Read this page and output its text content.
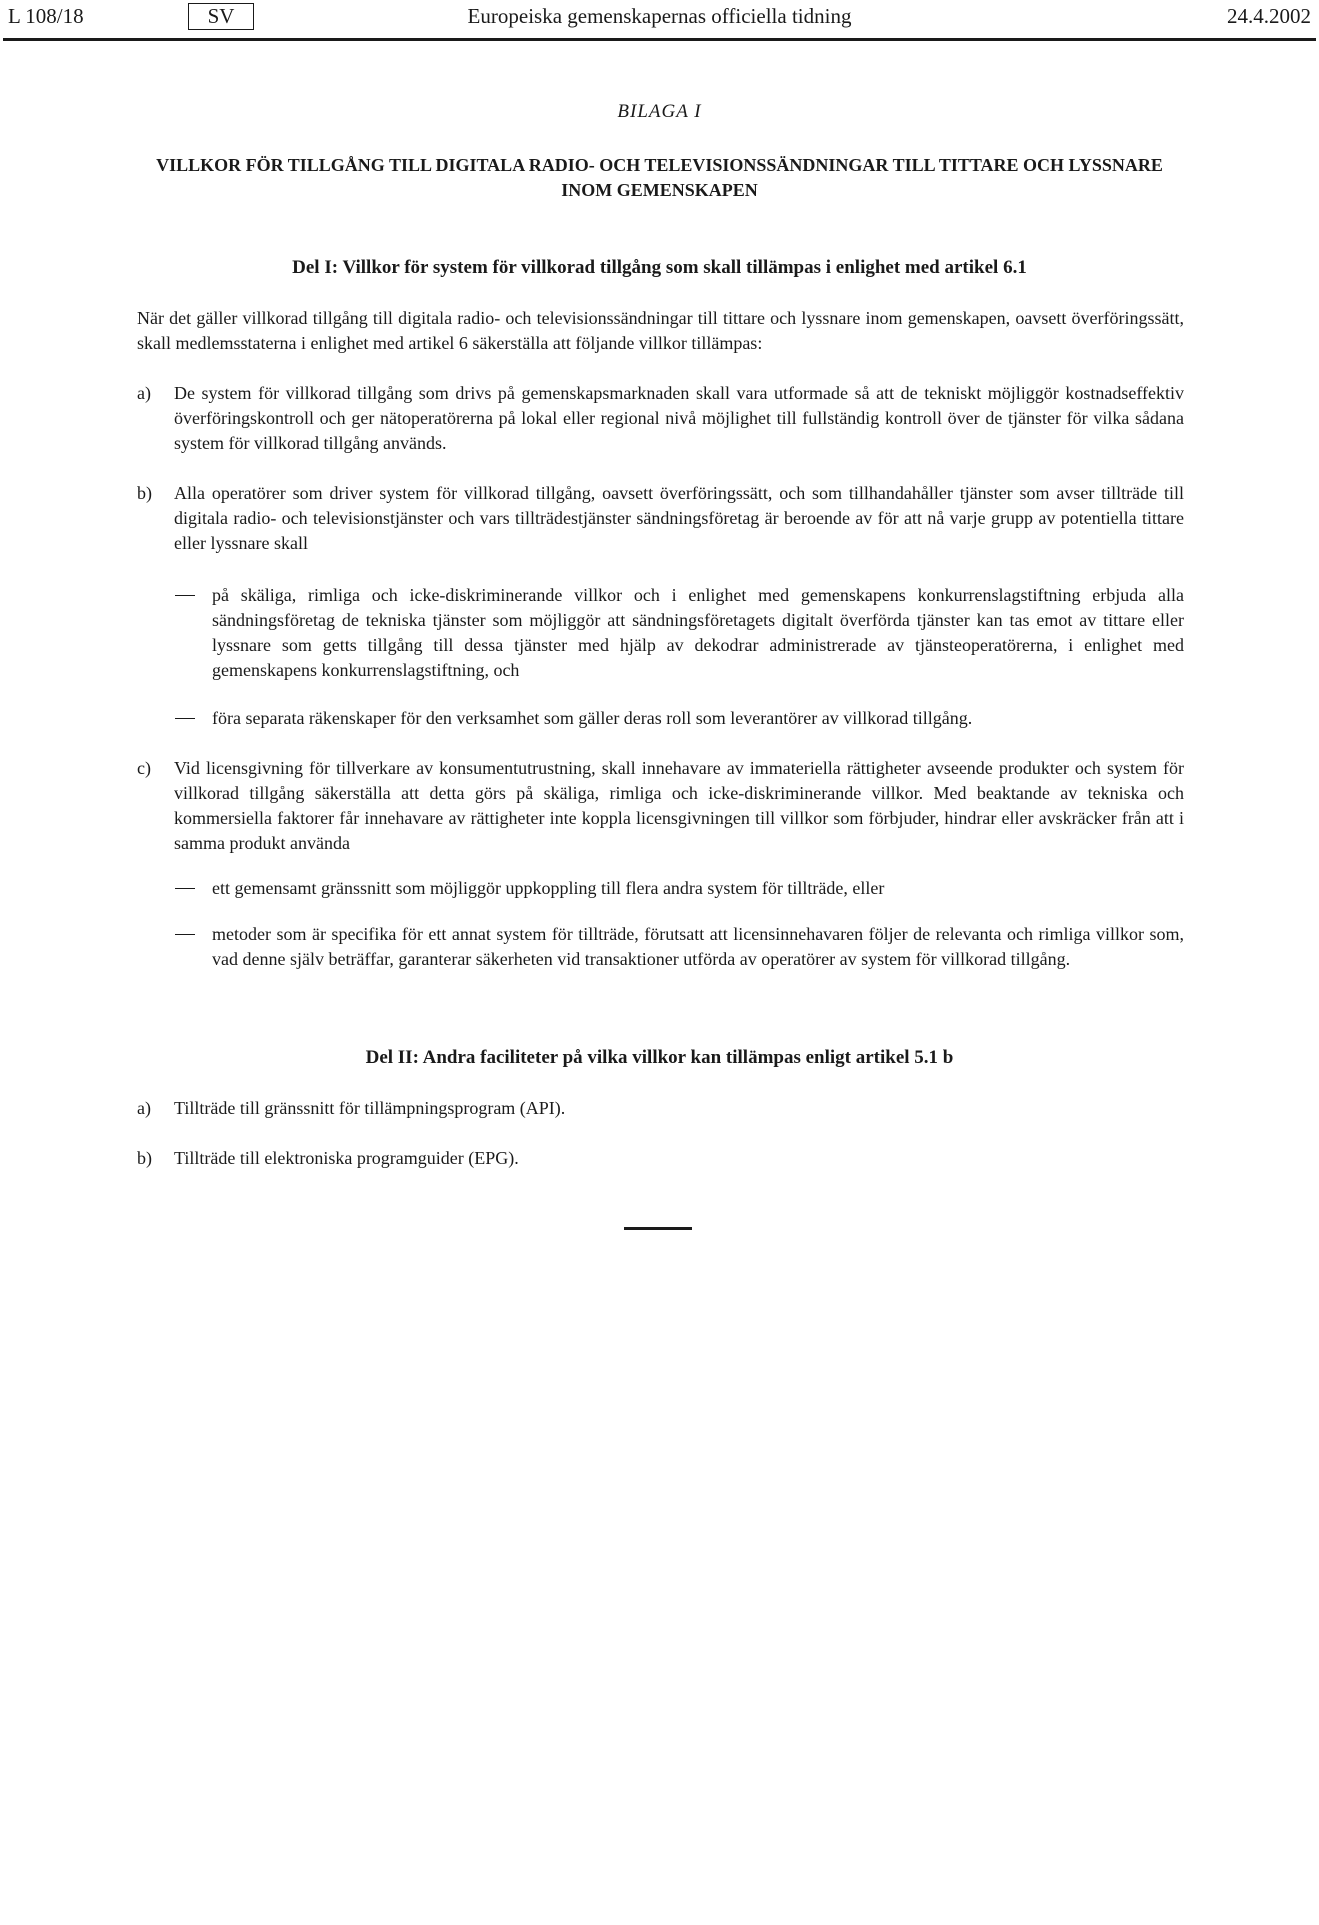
L 108/18	SV	Europeiska gemenskapernas officiella tidning	24.4.2002
BILAGA I
VILLKOR FÖR TILLGÅNG TILL DIGITALA RADIO- OCH TELEVISIONSSÄNDNINGAR TILL TITTARE OCH LYSSNARE INOM GEMENSKAPEN
Del I: Villkor för system för villkorad tillgång som skall tillämpas i enlighet med artikel 6.1
När det gäller villkorad tillgång till digitala radio- och televisionssändningar till tittare och lyssnare inom gemenskapen, oavsett överföringssätt, skall medlemsstaterna i enlighet med artikel 6 säkerställa att följande villkor tillämpas:
a) De system för villkorad tillgång som drivs på gemenskapsmarknaden skall vara utformade så att de tekniskt möjliggör kostnadseffektiv överföringskontroll och ger nätoperatörerna på lokal eller regional nivå möjlighet till fullständig kontroll över de tjänster för vilka sådana system för villkorad tillgång används.
b) Alla operatörer som driver system för villkorad tillgång, oavsett överföringssätt, och som tillhandahåller tjänster som avser tillträde till digitala radio- och televisionstjänster och vars tillträdestjänster sändningsföretag är beroende av för att nå varje grupp av potentiella tittare eller lyssnare skall
på skäliga, rimliga och icke-diskriminerande villkor och i enlighet med gemenskapens konkurrenslagstiftning erbjuda alla sändningsföretag de tekniska tjänster som möjliggör att sändningsföretagets digitalt överförda tjänster kan tas emot av tittare eller lyssnare som getts tillgång till dessa tjänster med hjälp av dekodrar administrerade av tjänsteoperatörerna, i enlighet med gemenskapens konkurrenslagstiftning, och
föra separata räkenskaper för den verksamhet som gäller deras roll som leverantörer av villkorad tillgång.
c) Vid licensgivning för tillverkare av konsumentutrustning, skall innehavare av immateriella rättigheter avseende produkter och system för villkorad tillgång säkerställa att detta görs på skäliga, rimliga och icke-diskriminerande villkor. Med beaktande av tekniska och kommersiella faktorer får innehavare av rättigheter inte koppla licensgivningen till villkor som förbjuder, hindrar eller avskräcker från att i samma produkt använda
ett gemensamt gränssnitt som möjliggör uppkoppling till flera andra system för tillträde, eller
metoder som är specifika för ett annat system för tillträde, förutsatt att licensinnehavaren följer de relevanta och rimliga villkor som, vad denne själv beträffar, garanterar säkerheten vid transaktioner utförda av operatörer av system för villkorad tillgång.
Del II: Andra faciliteter på vilka villkor kan tillämpas enligt artikel 5.1 b
a) Tillträde till gränssnitt för tillämpningsprogram (API).
b) Tillträde till elektroniska programguider (EPG).
